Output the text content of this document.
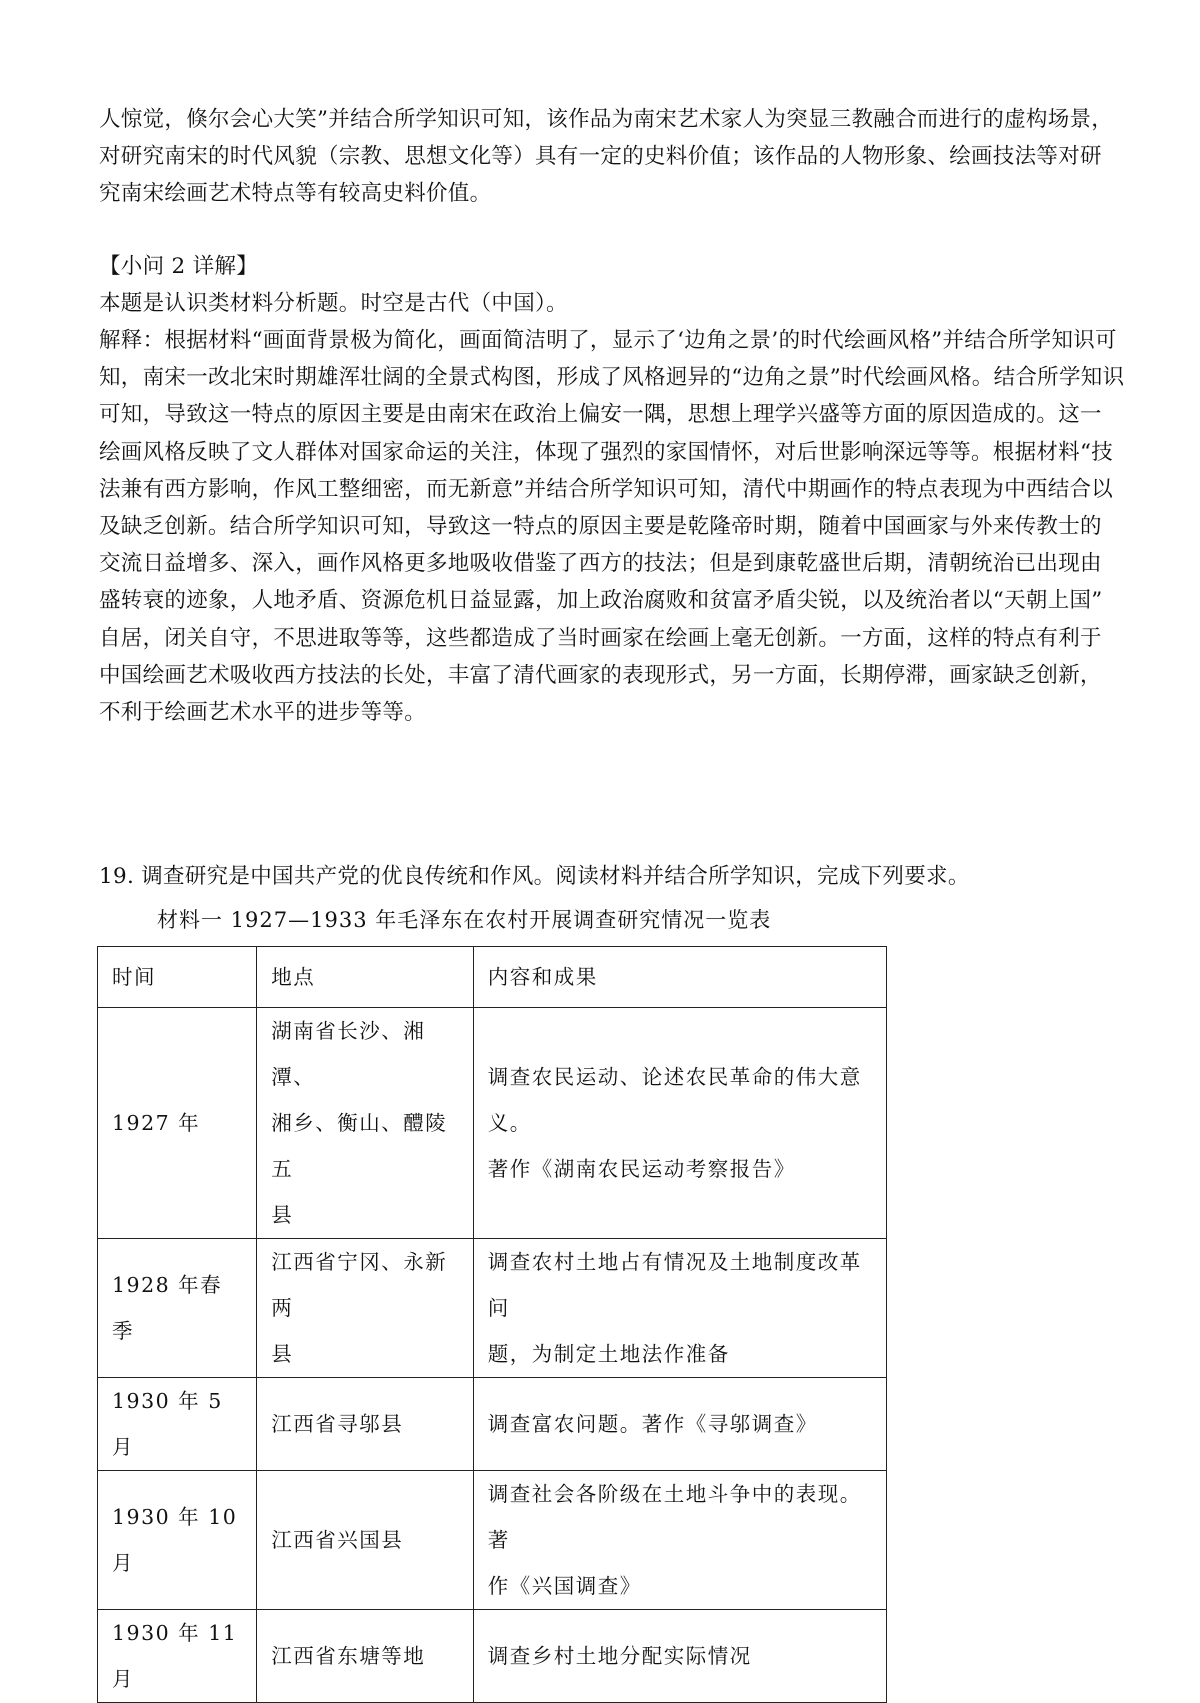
人惊觉，倏尔会心大笑”并结合所学知识可知，该作品为南宋艺术家人为突显三教融合而进行的虚构场景，
对研究南宋的时代风貌（宗教、思想文化等）具有一定的史料价值；该作品的人物形象、绘画技法等对研
究南宋绘画艺术特点等有较高史料价值。
【小问 2 详解】
本题是认识类材料分析题。时空是古代（中国）。
解释：根据材料“画面背景极为简化，画面简洁明了，显示了‘边角之景’的时代绘画风格”并结合所学知识可
知，南宋一改北宋时期雄浑壮阔的全景式构图，形成了风格迥异的“边角之景”时代绘画风格。结合所学知识
可知，导致这一特点的原因主要是由南宋在政治上偏安一隅，思想上理学兴盛等方面的原因造成的。这一
绘画风格反映了文人群体对国家命运的关注，体现了强烈的家国情怀，对后世影响深远等等。根据材料“技
法兼有西方影响，作风工整细密，而无新意”并结合所学知识可知，清代中期画作的特点表现为中西结合以
及缺乏创新。结合所学知识可知，导致这一特点的原因主要是乾隆帝时期，随着中国画家与外来传教士的
交流日益增多、深入，画作风格更多地吸收借鉴了西方的技法；但是到康乾盛世后期，清朝统治已出现由
盛转衰的迹象，人地矛盾、资源危机日益显露，加上政治腐败和贫富矛盾尖锐，以及统治者以“天朝上国”
自居，闭关自守，不思进取等等，这些都造成了当时画家在绘画上毫无创新。一方面，这样的特点有利于
中国绘画艺术吸收西方技法的长处，丰富了清代画家的表现形式，另一方面，长期停滞，画家缺乏创新，
不利于绘画艺术水平的进步等等。
19. 调查研究是中国共产党的优良传统和作风。阅读材料并结合所学知识，完成下列要求。
材料一 1927—1933 年毛泽东在农村开展调查研究情况一览表
时间	地点	内容和成果
1927 年	湖南省长沙、湘潭、
湘乡、衡山、醴陵五
县	调查农民运动、论述农民革命的伟大意义。
著作《湖南农民运动考察报告》

1928 年春季	江西省宁冈、永新两
县	调查农村土地占有情况及土地制度改革问
题，为制定土地法作准备

1930 年 5 月	江西省寻邬县	调查富农问题。著作《寻邬调查》

1930 年 10 月	江西省兴国县	调查社会各阶级在土地斗争中的表现。著
作《兴国调查》

1930 年 11 月	江西省东塘等地	调查乡村土地分配实际情况
